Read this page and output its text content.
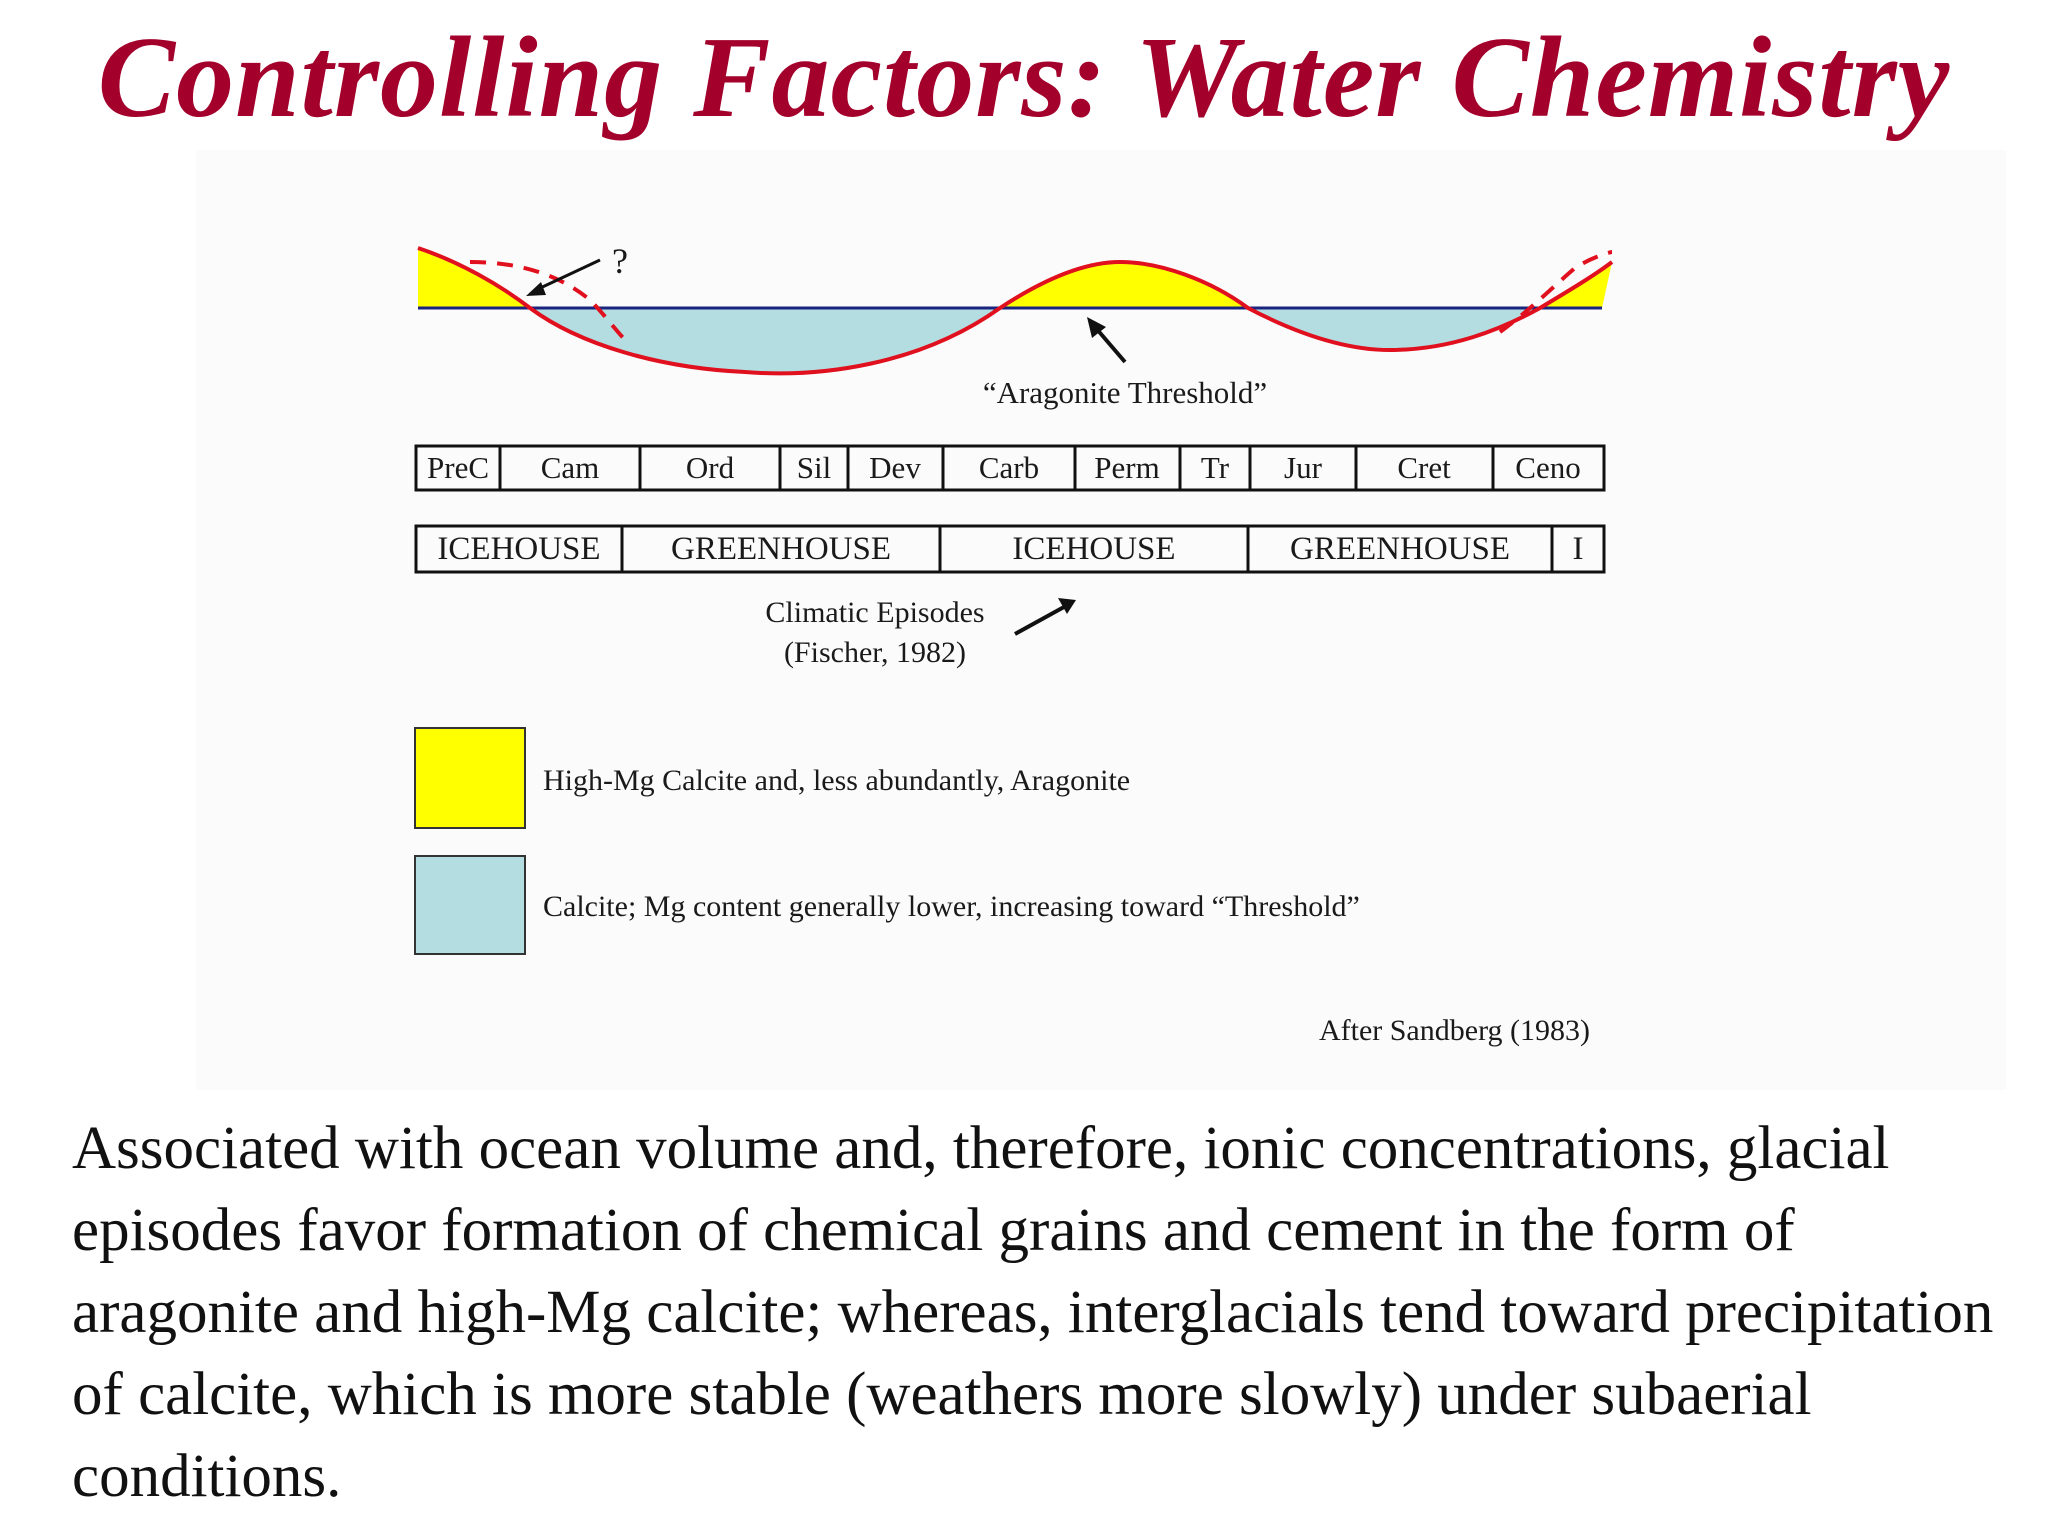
Controlling Factors: Water Chemistry
?
“Aragonite Threshold”
PreC Cam	Ord Sil Dev Carb Perm Tr Jur Cret Ceno
ICEHOUSE GREENHOUSE	ICEHOUSE	GREENHOUSE I
Climatic Episodes
(Fischer, 1982)
High-Mg Calcite and, less abundantly, Aragonite
Calcite; Mg content generally lower, increasing toward “Threshold”
After Sandberg (1983)

Associated with ocean volume and, therefore, ionic concentrations, glacial episodes favor formation of chemical grains and cement in the form of aragonite and high-Mg calcite; whereas, interglacials tend toward precipitation of calcite, which is more stable (weathers more slowly) under subaerial conditions.
